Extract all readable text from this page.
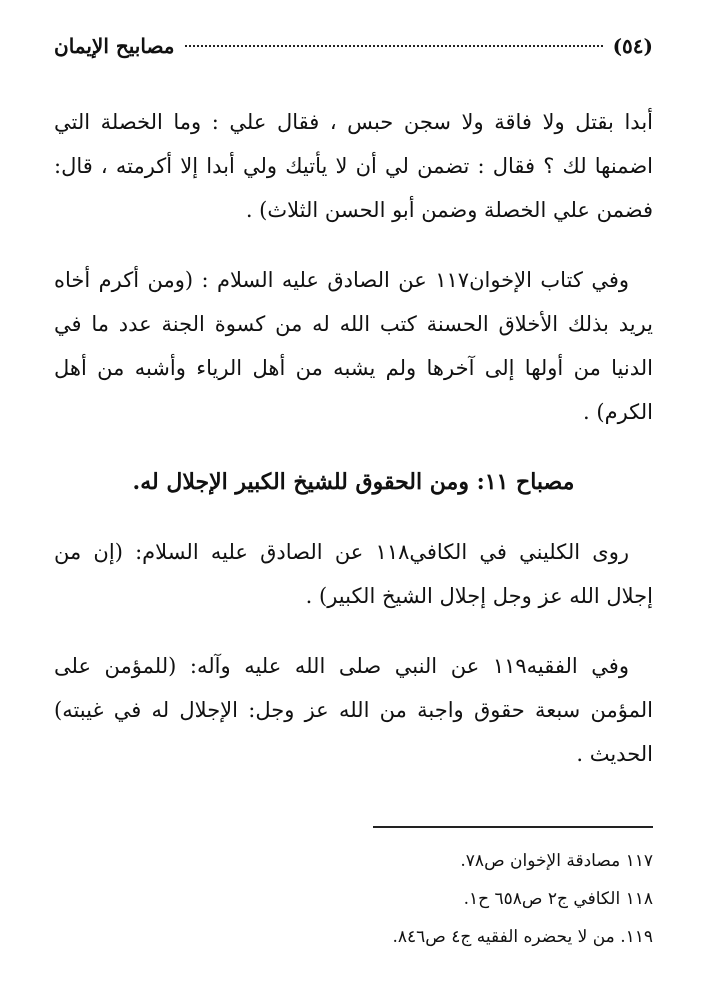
(٥٤)
مصابيح الإيمان

أبدا بقتل ولا فاقة ولا سجن حبس ، فقال علي : وما الخصلة التي اضمنها لك ؟ فقال : تضمن لي أن لا يأتيك ولي أبدا إلا أكرمته ، قال: فضمن علي الخصلة وضمن أبو الحسن الثلاث) .

وفي كتاب الإخوان١١٧ عن الصادق عليه السلام : (ومن أكرم أخاه يريد بذلك الأخلاق الحسنة كتب الله له من كسوة الجنة عدد ما في الدنيا من أولها إلى آخرها ولم يشبه من أهل الرياء وأشبه من أهل الكرم) .

مصباح ١١: ومن الحقوق للشيخ الكبير الإجلال له.

روى الكليني في الكافي١١٨ عن الصادق عليه السلام: (إن من إجلال الله عز وجل إجلال الشيخ الكبير) .

وفي الفقيه١١٩ عن النبي صلى الله عليه وآله: (للمؤمن على المؤمن سبعة حقوق واجبة من الله عز وجل: الإجلال له في غيبته) الحديث .

١١٧ مصادقة الإخوان ص٧٨.
١١٨ الكافي ج٢ ص٦٥٨ ح١.
١١٩. من لا يحضره الفقيه ج٤ ص٨٤٦.
